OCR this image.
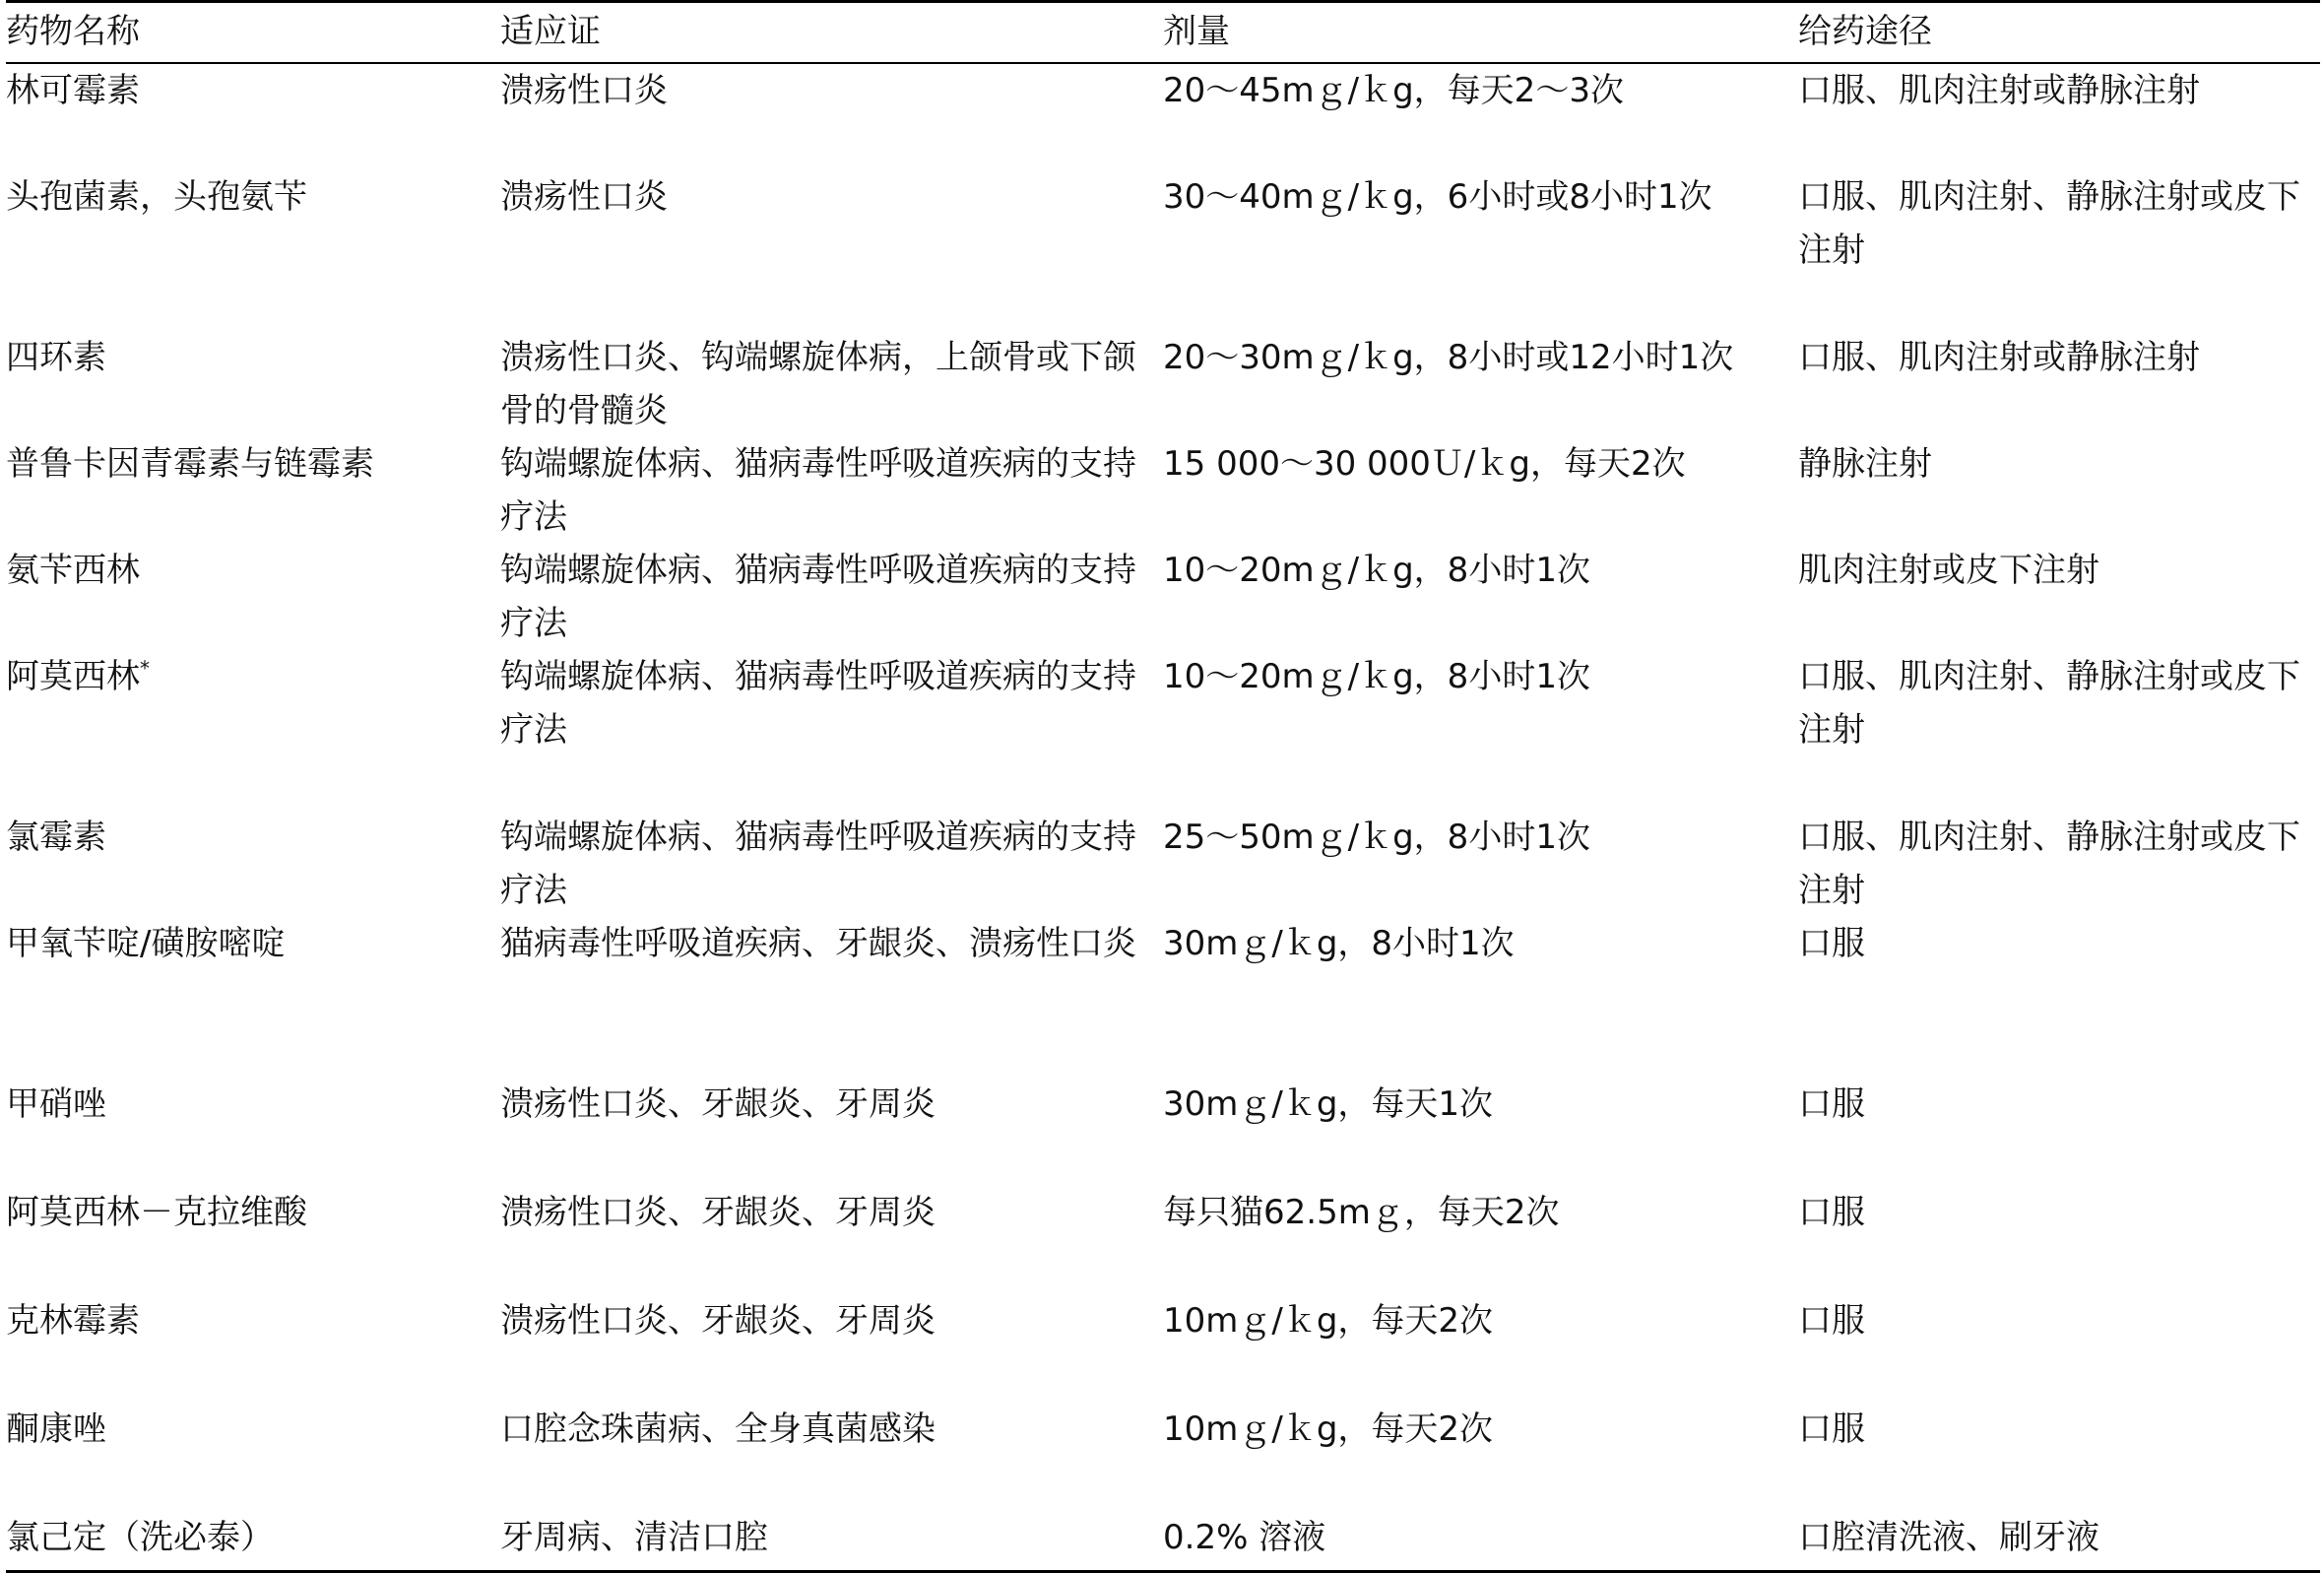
药物名称	适应证	剂量	给药途径
林可霉素	溃疡性口炎	20～45mｇ/ｋg，每天2～3次	口服、肌肉注射或静脉注射
头孢菌素，头孢氨苄	溃疡性口炎	30～40mｇ/ｋg，6小时或8小时1次	口服、肌肉注射、静脉注射或皮下注射
四环素	溃疡性口炎、钩端螺旋体病，上颌骨或下颌骨的骨髓炎	20～30mｇ/ｋg，8小时或12小时1次	口服、肌肉注射或静脉注射
普鲁卡因青霉素与链霉素	钩端螺旋体病、猫病毒性呼吸道疾病的支持疗法	15 000～30 000Ｕ/ｋg，每天2次	静脉注射
氨苄西林	钩端螺旋体病、猫病毒性呼吸道疾病的支持疗法	10～20mｇ/ｋg，8小时1次	肌肉注射或皮下注射
阿莫西林*	钩端螺旋体病、猫病毒性呼吸道疾病的支持疗法	10～20mｇ/ｋg，8小时1次	口服、肌肉注射、静脉注射或皮下注射
氯霉素	钩端螺旋体病、猫病毒性呼吸道疾病的支持疗法	25～50mｇ/ｋg，8小时1次	口服、肌肉注射、静脉注射或皮下注射
甲氧苄啶/磺胺嘧啶	猫病毒性呼吸道疾病、牙龈炎、溃疡性口炎	30mｇ/ｋg，8小时1次	口服
甲硝唑	溃疡性口炎、牙龈炎、牙周炎	30mｇ/ｋg，每天1次	口服
阿莫西林－克拉维酸	溃疡性口炎、牙龈炎、牙周炎	每只猫62.5mｇ，每天2次	口服
克林霉素	溃疡性口炎、牙龈炎、牙周炎	10mｇ/ｋg，每天2次	口服
酮康唑	口腔念珠菌病、全身真菌感染	10mｇ/ｋg，每天2次	口服
氯己定（洗必泰）	牙周病、清洁口腔	0.2% 溶液	口腔清洗液、刷牙液
